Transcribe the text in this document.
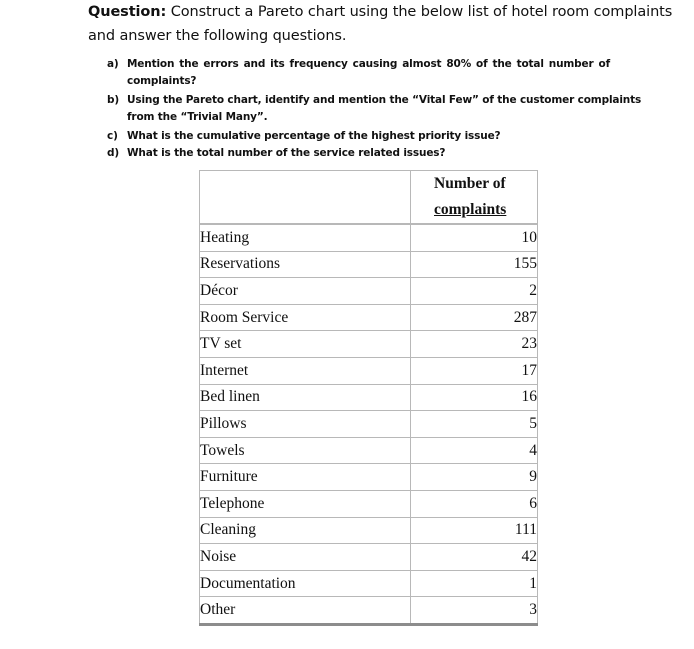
Question: Construct a Pareto chart using the below list of hotel room complaints

and answer the following questions.

a) Mention the errors and its frequency causing almost 80% of the total number of
complaints?
b) Using the Pareto chart, identify and mention the “Vital Few” of the customer complaints
from the “Trivial Many”.
c) What is the cumulative percentage of the highest priority issue?
d) What is the total number of the service related issues?

	Number of
complaints

Heating	10
Reservations	155
Décor	2
Room Service	287
TV set	23
Internet	17
Bed linen	16
Pillows	5
Towels	4
Furniture	9
Telephone	6
Cleaning	111
Noise	42
Documentation	1
Other	3
